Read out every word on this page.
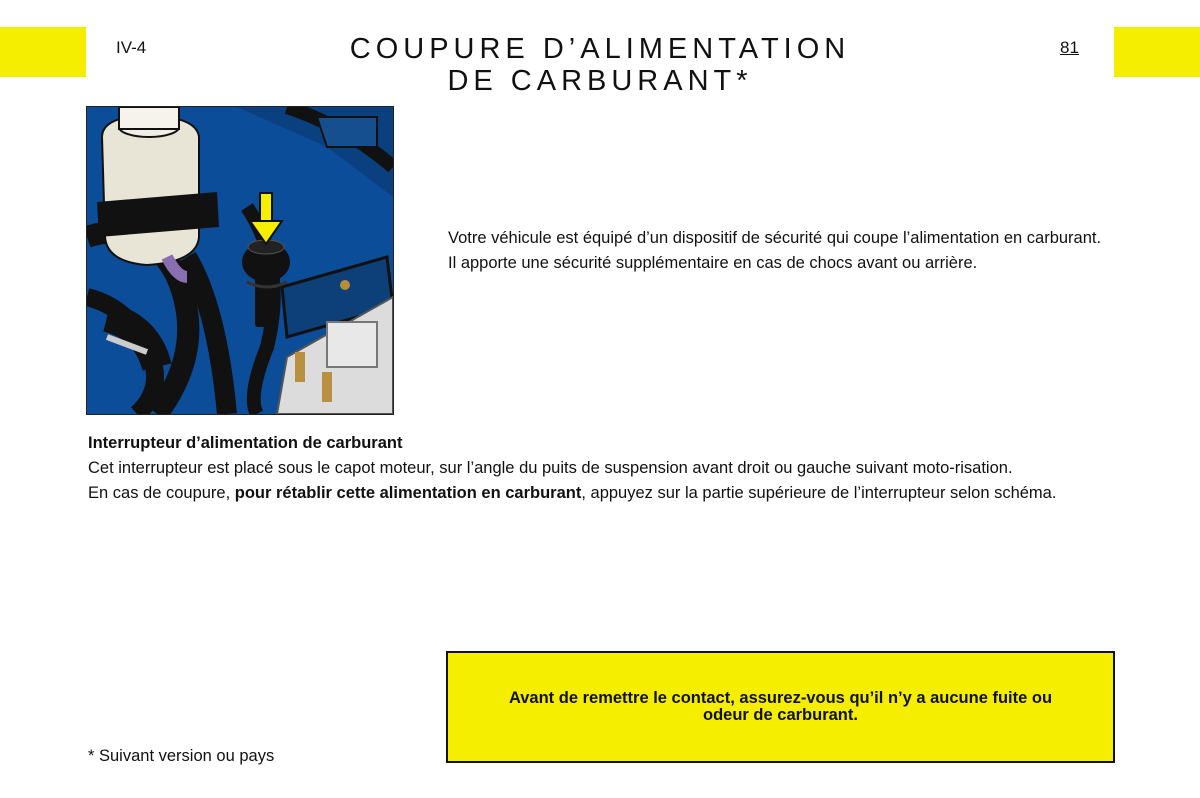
IV-4	81
COUPURE D’ALIMENTATION
DE CARBURANT*

Votre véhicule est équipé d’un dispositif de sécurité qui coupe l’alimentation en carburant.

Il apporte une sécurité supplémentaire en cas de chocs avant ou arrière.

Interrupteur d’alimentation de carburant

Cet interrupteur est placé sous le capot moteur, sur l’angle du puits de suspension avant droit ou gauche suivant moto-risation.

En cas de coupure, pour rétablir cette alimentation en carburant, appuyez sur la partie supérieure de l’interrupteur selon schéma.

Avant de remettre le contact, assurez-vous qu’il n’y a aucune fuite ou odeur de carburant.
* Suivant version ou pays
